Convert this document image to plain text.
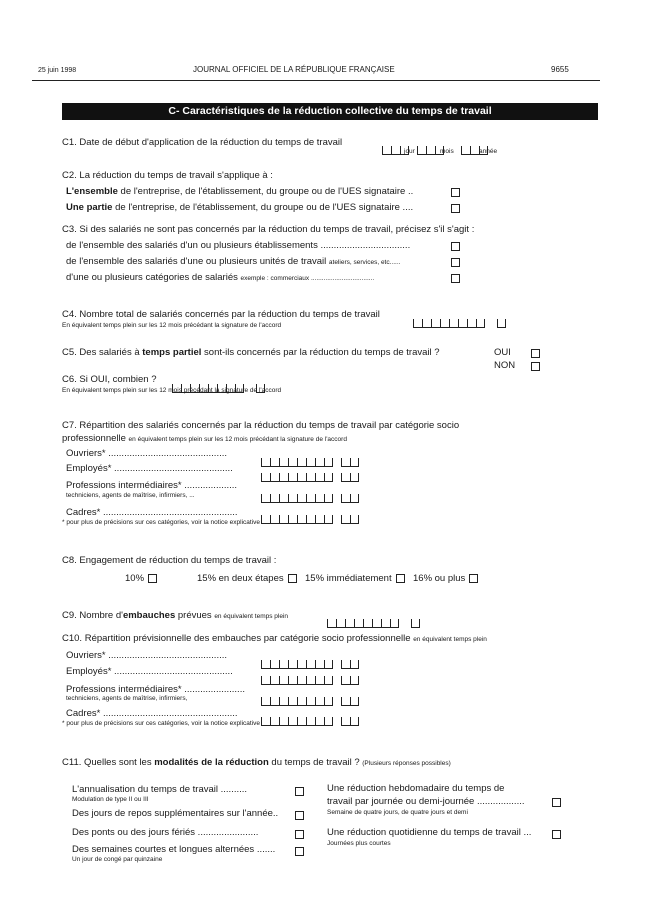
25 juin 1998	JOURNAL OFFICIEL DE LA RÉPUBLIQUE FRANÇAISE	9655
C- Caractéristiques de la réduction collective du temps de travail
C1. Date de début d'application de la réduction du temps de travail

jour	mois	année
C2. La réduction du temps de travail s'applique à :
L'ensemble de l'entreprise, de l'établissement, du groupe ou de l'UES signataire ..
Une partie de l'entreprise, de l'établissement, du groupe ou de l'UES signataire ....
C3. Si des salariés ne sont pas concernés par la réduction du temps de travail, précisez s'il s'agit :
de l'ensemble des salariés d'un ou plusieurs établissements ..................................
de l'ensemble des salariés d'une ou plusieurs unités de travail ateliers, services, etc......
d'une ou plusieurs catégories de salariés exemple : commerciaux ...................................
C4. Nombre total de salariés concernés par la réduction du temps de travail

En équivalent temps plein sur les 12 mois précédant la signature de l'accord
C5. Des salariés à temps partiel sont-ils concernés par la réduction du temps de travail ?	OUI
NON
C6. Si OUI, combien ?

En équivalent temps plein sur les 12 mois précédant la signature de l'accord
C7. Répartition des salariés concernés par la réduction du temps de travail par catégorie socio
professionnelle en équivalent temps plein sur les 12 mois précédant la signature de l'accord
Ouvriers* .............................................
Employés* .............................................
Professions intermédiaires* ....................
techniciens, agents de maîtrise, infirmiers, ...
Cadres* ...................................................
* pour plus de précisions sur ces catégories, voir la notice explicative
C8. Engagement de réduction du temps de travail :
10%	15% en deux étapes	15% immédiatement	16% ou plus
C9. Nombre d'embauches prévues en équivalent temps plein

C10. Répartition prévisionnelle des embauches par catégorie socio professionnelle en équivalent temps plein
Ouvriers* .............................................
Employés* .............................................
Professions intermédiaires* .......................
techniciens, agents de maîtrise, infirmiers,
Cadres* ...................................................
* pour plus de précisions sur ces catégories, voir la notice explicative
C11. Quelles sont les modalités de la réduction du temps de travail ? (Plusieurs réponses possibles)
L'annualisation du temps de travail ..........
Modulation de type II ou III
Des jours de repos supplémentaires sur l'année..
Des ponts ou des jours fériés .......................
Des semaines courtes et longues alternées .......
Un jour de congé par quinzaine
Une réduction hebdomadaire du temps de
travail par journée ou demi-journée ..................
Semaine de quatre jours, de quatre jours et demi
Une réduction quotidienne du temps de travail ...
Journées plus courtes
